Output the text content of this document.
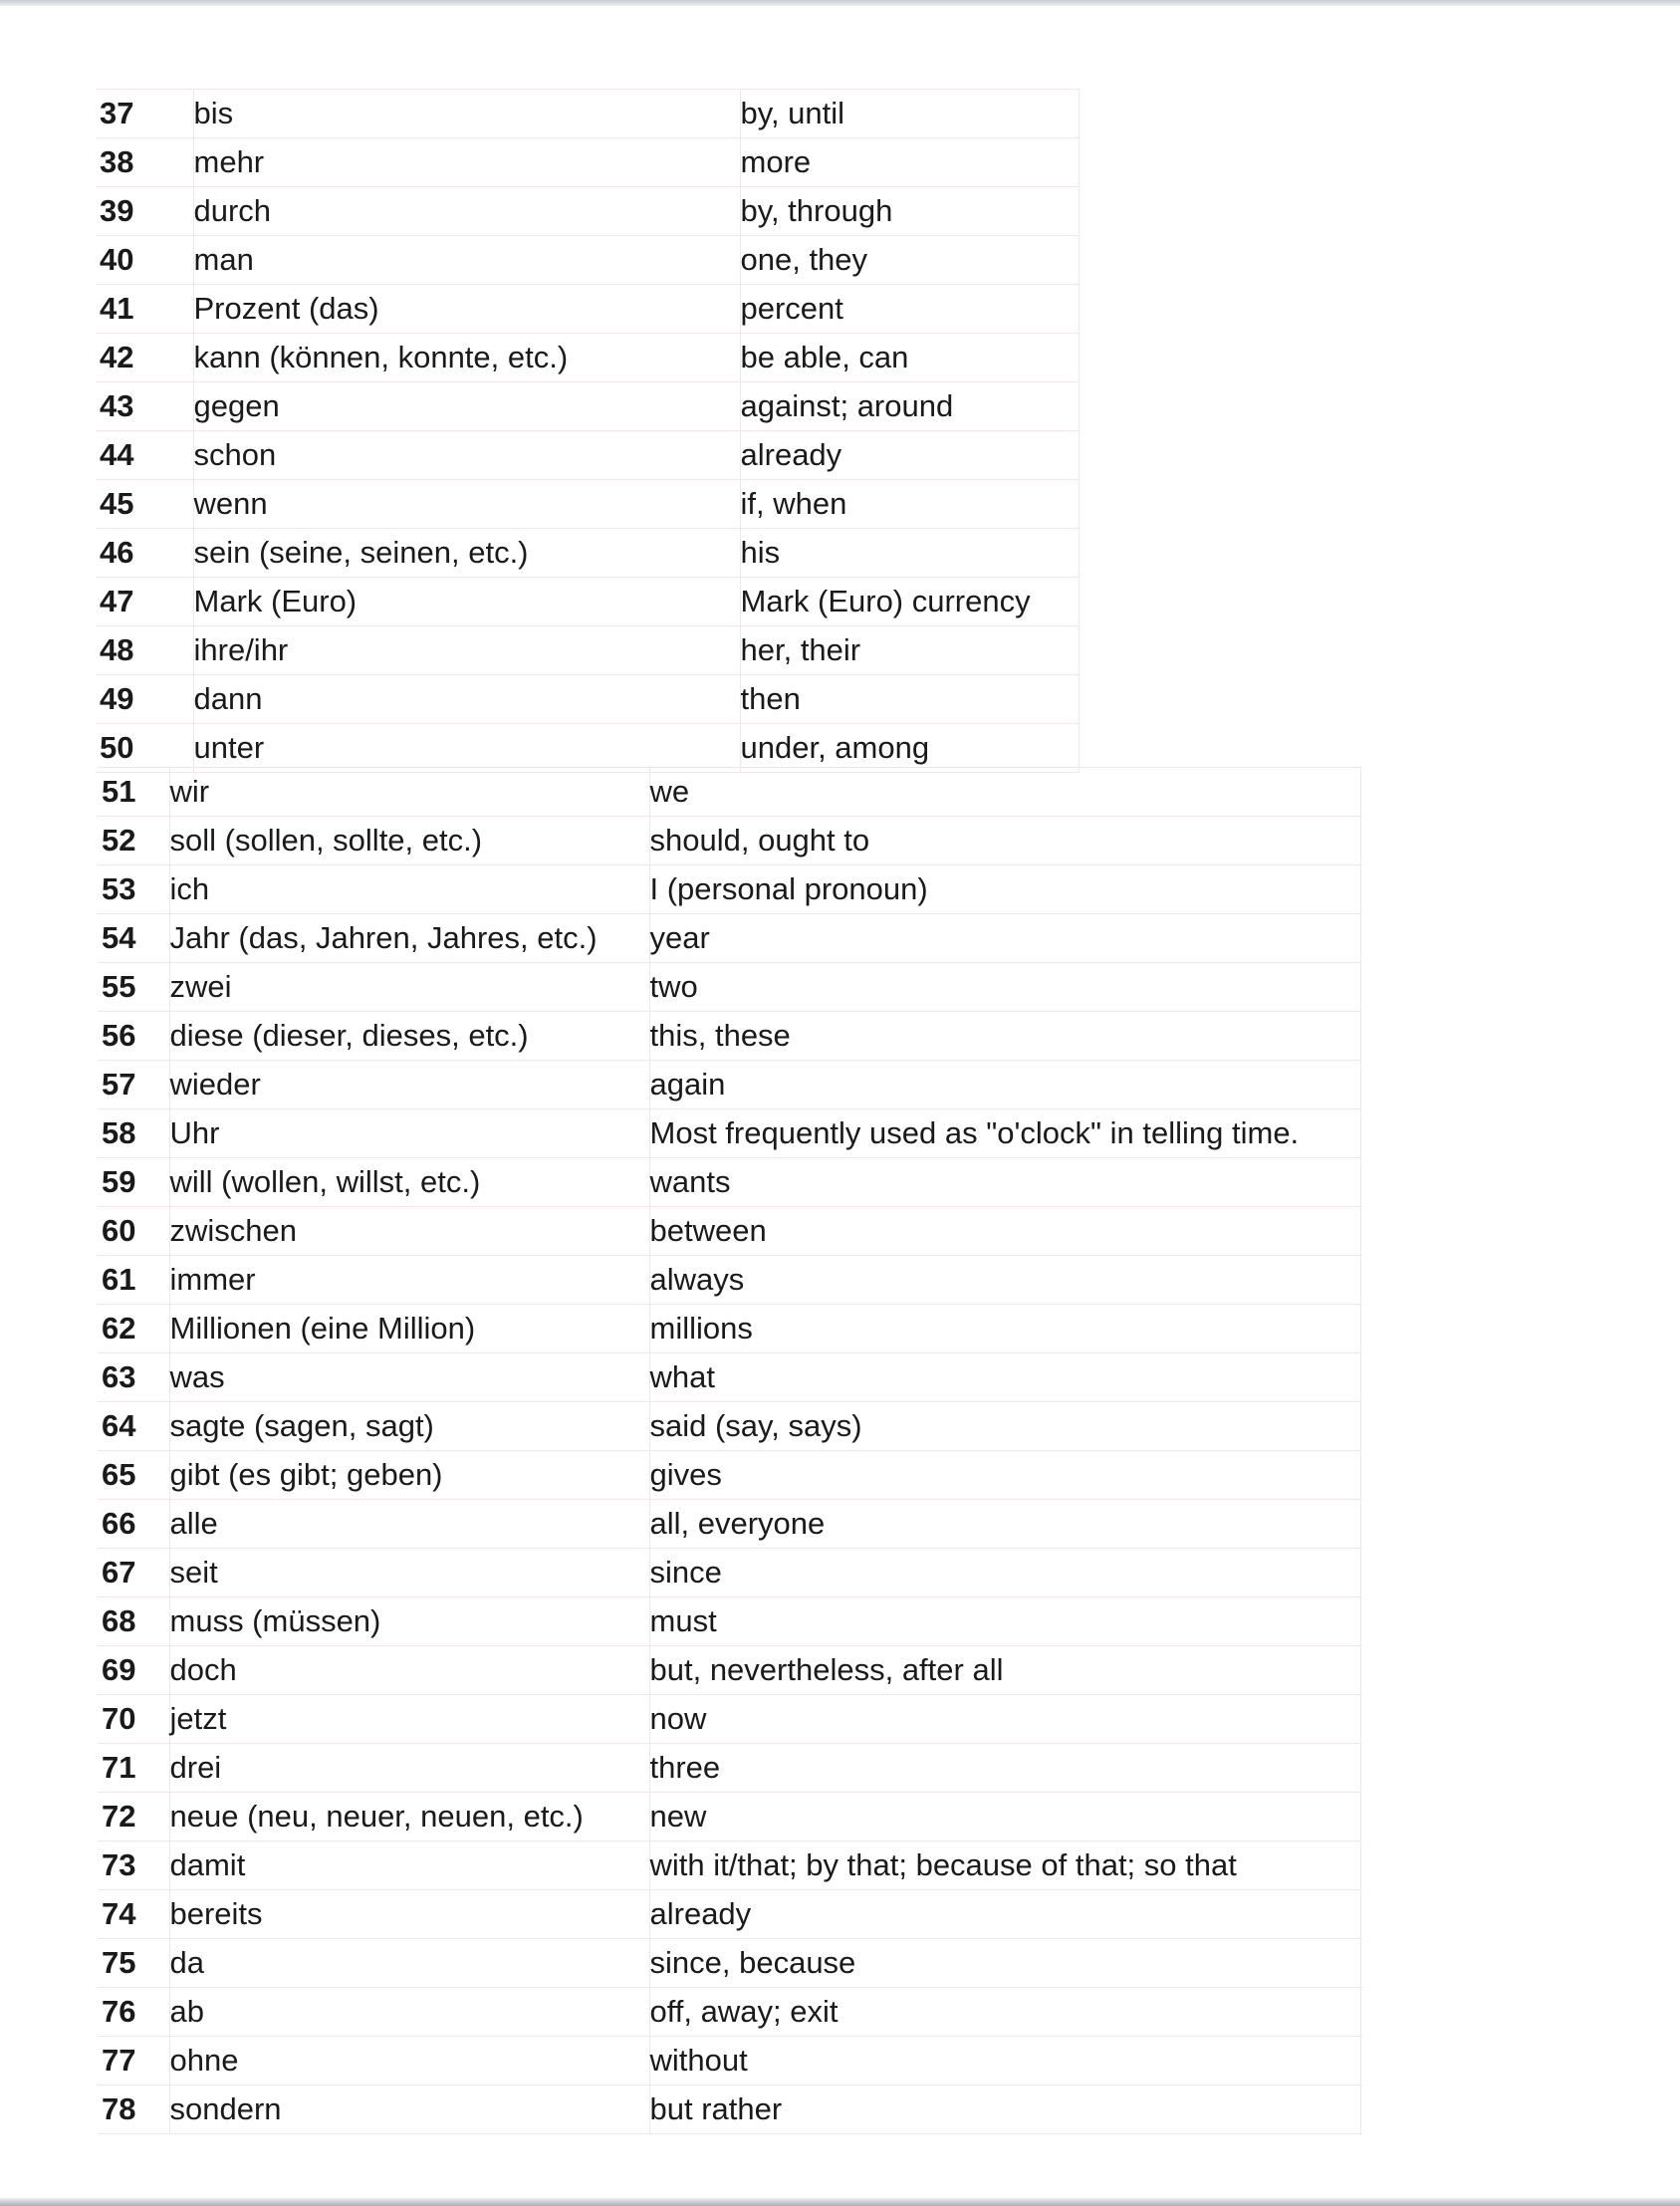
37	bis	by, until
38	mehr	more
39	durch	by, through
40	man	one, they
41	Prozent (das)	percent
42	kann (können, konnte, etc.)	be able, can
43	gegen	against; around
44	schon	already
45	wenn	if, when
46	sein (seine, seinen, etc.)	his
47	Mark (Euro)	Mark (Euro) currency
48	ihre/ihr	her, their
49	dann	then
50	unter	under, among
51	wir	we
52	soll (sollen, sollte, etc.)	should, ought to
53	ich	I (personal pronoun)
54	Jahr (das, Jahren, Jahres, etc.)	year
55	zwei	two
56	diese (dieser, dieses, etc.)	this, these
57	wieder	again
58	Uhr	Most frequently used as "o'clock" in telling time.
59	will (wollen, willst, etc.)	wants
60	zwischen	between
61	immer	always
62	Millionen (eine Million)	millions
63	was	what
64	sagte (sagen, sagt)	said (say, says)
65	gibt (es gibt; geben)	gives
66	alle	all, everyone
67	seit	since
68	muss (müssen)	must
69	doch	but, nevertheless, after all
70	jetzt	now
71	drei	three
72	neue (neu, neuer, neuen, etc.)	new
73	damit	with it/that; by that; because of that; so that
74	bereits	already
75	da	since, because
76	ab	off, away; exit
77	ohne	without
78	sondern	but rather
